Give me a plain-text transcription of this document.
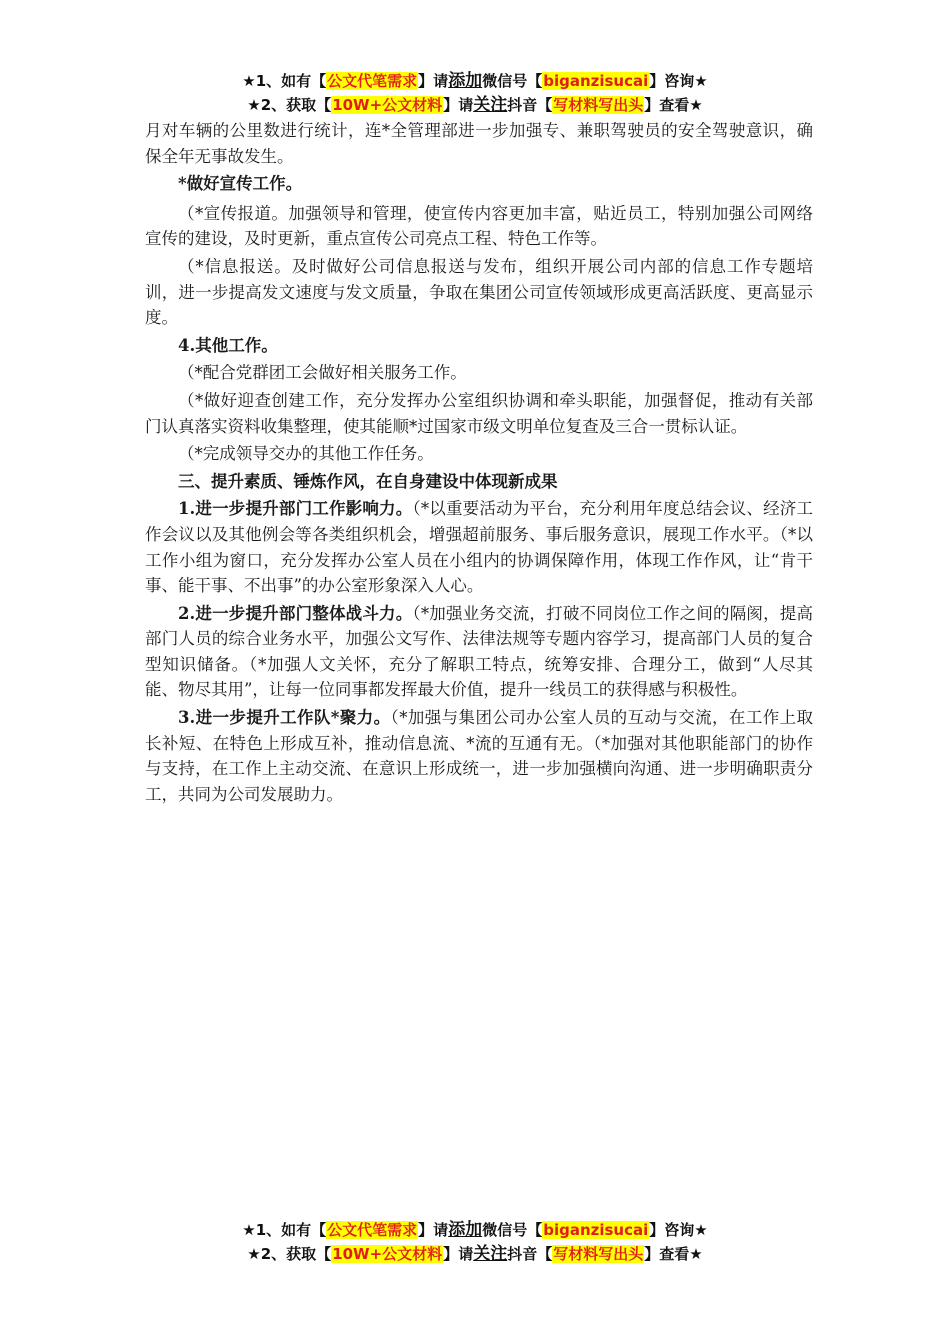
★1、如有【公文代笔需求】请添加微信号【biganzisucai】咨询★
★2、获取【10W+公文材料】请关注抖音【写材料写出头】查看★

月对车辆的公里数进行统计，连*全管理部进一步加强专、兼职驾驶员的安全驾驶意识，确保全年无事故发生。

*做好宣传工作。

（*宣传报道。加强领导和管理，使宣传内容更加丰富，贴近员工，特别加强公司网络宣传的建设，及时更新，重点宣传公司亮点工程、特色工作等。

（*信息报送。及时做好公司信息报送与发布，组织开展公司内部的信息工作专题培训，进一步提高发文速度与发文质量，争取在集团公司宣传领域形成更高活跃度、更高显示度。

4.其他工作。

（*配合党群团工会做好相关服务工作。

（*做好迎查创建工作，充分发挥办公室组织协调和牵头职能，加强督促，推动有关部门认真落实资料收集整理，使其能顺*过国家市级文明单位复查及三合一贯标认证。

（*完成领导交办的其他工作任务。

三、提升素质、锤炼作风，在自身建设中体现新成果

1.进一步提升部门工作影响力。（*以重要活动为平台，充分利用年度总结会议、经济工作会议以及其他例会等各类组织机会，增强超前服务、事后服务意识，展现工作水平。（*以工作小组为窗口，充分发挥办公室人员在小组内的协调保障作用，体现工作作风，让“肯干事、能干事、不出事”的办公室形象深入人心。

2.进一步提升部门整体战斗力。（*加强业务交流，打破不同岗位工作之间的隔阂，提高部门人员的综合业务水平，加强公文写作、法律法规等专题内容学习，提高部门人员的复合型知识储备。（*加强人文关怀，充分了解职工特点，统筹安排、合理分工，做到“人尽其能、物尽其用”，让每一位同事都发挥最大价值，提升一线员工的获得感与积极性。

3.进一步提升工作队*聚力。（*加强与集团公司办公室人员的互动与交流，在工作上取长补短、在特色上形成互补，推动信息流、*流的互通有无。（*加强对其他职能部门的协作与支持，在工作上主动交流、在意识上形成统一，进一步加强横向沟通、进一步明确职责分工，共同为公司发展助力。

★1、如有【公文代笔需求】请添加微信号【biganzisucai】咨询★
★2、获取【10W+公文材料】请关注抖音【写材料写出头】查看★
